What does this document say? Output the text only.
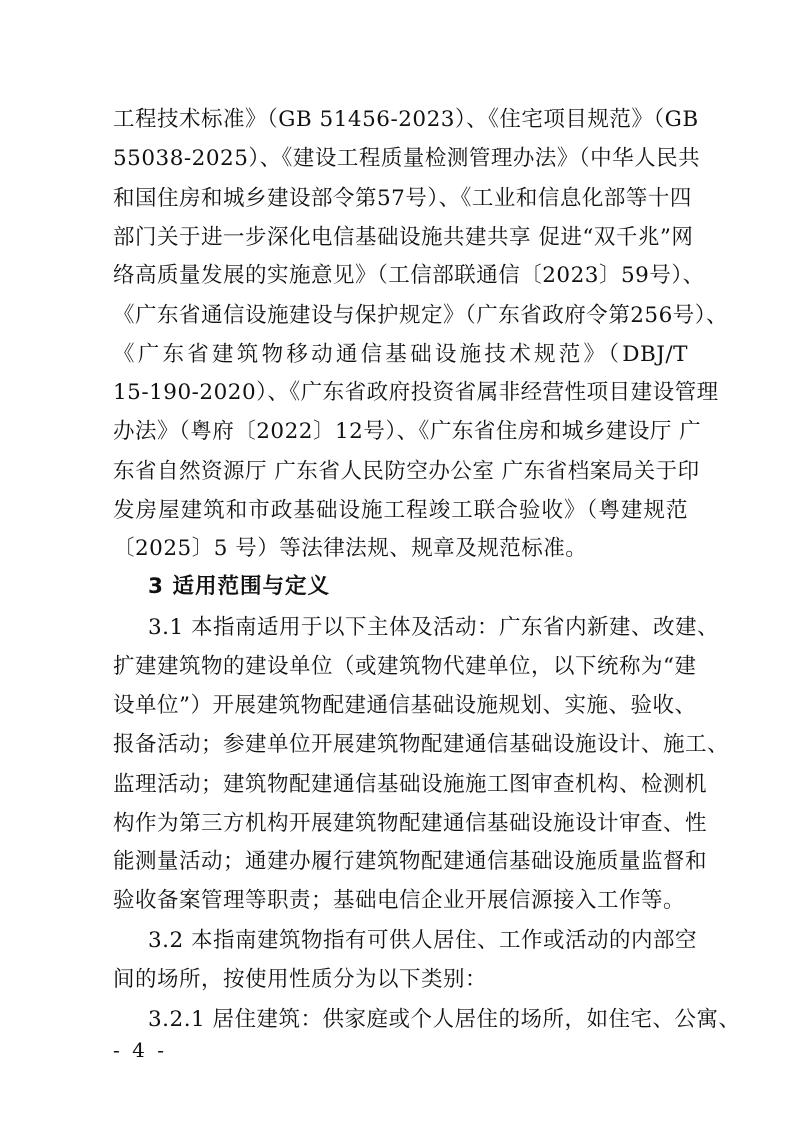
工程技术标准》（GB 51456-2023）、《住宅项目规范》（GB
55038-2025）、《建设工程质量检测管理办法》（中华人民共
和国住房和城乡建设部令第57号）、《工业和信息化部等十四
部门关于进一步深化电信基础设施共建共享 促进“双千兆”网
络高质量发展的实施意见》（工信部联通信〔2023〕59号）、
《广东省通信设施建设与保护规定》（广东省政府令第256号）、
《广东省建筑物移动通信基础设施技术规范》（DBJ/T
15-190-2020）、《广东省政府投资省属非经营性项目建设管理
办法》（粤府〔2022〕12号）、《广东省住房和城乡建设厅 广
东省自然资源厅 广东省人民防空办公室 广东省档案局关于印
发房屋建筑和市政基础设施工程竣工联合验收》（粤建规范
〔2025〕5 号）等法律法规、规章及规范标准。
3 适用范围与定义
3.1 本指南适用于以下主体及活动：广东省内新建、改建、
扩建建筑物的建设单位（或建筑物代建单位，以下统称为“建
设单位”）开展建筑物配建通信基础设施规划、实施、验收、
报备活动；参建单位开展建筑物配建通信基础设施设计、施工、
监理活动；建筑物配建通信基础设施施工图审查机构、检测机
构作为第三方机构开展建筑物配建通信基础设施设计审查、性
能测量活动；通建办履行建筑物配建通信基础设施质量监督和
验收备案管理等职责；基础电信企业开展信源接入工作等。
3.2 本指南建筑物指有可供人居住、工作或活动的内部空
间的场所，按使用性质分为以下类别：
3.2.1 居住建筑：供家庭或个人居住的场所，如住宅、公寓、
- 4 -
